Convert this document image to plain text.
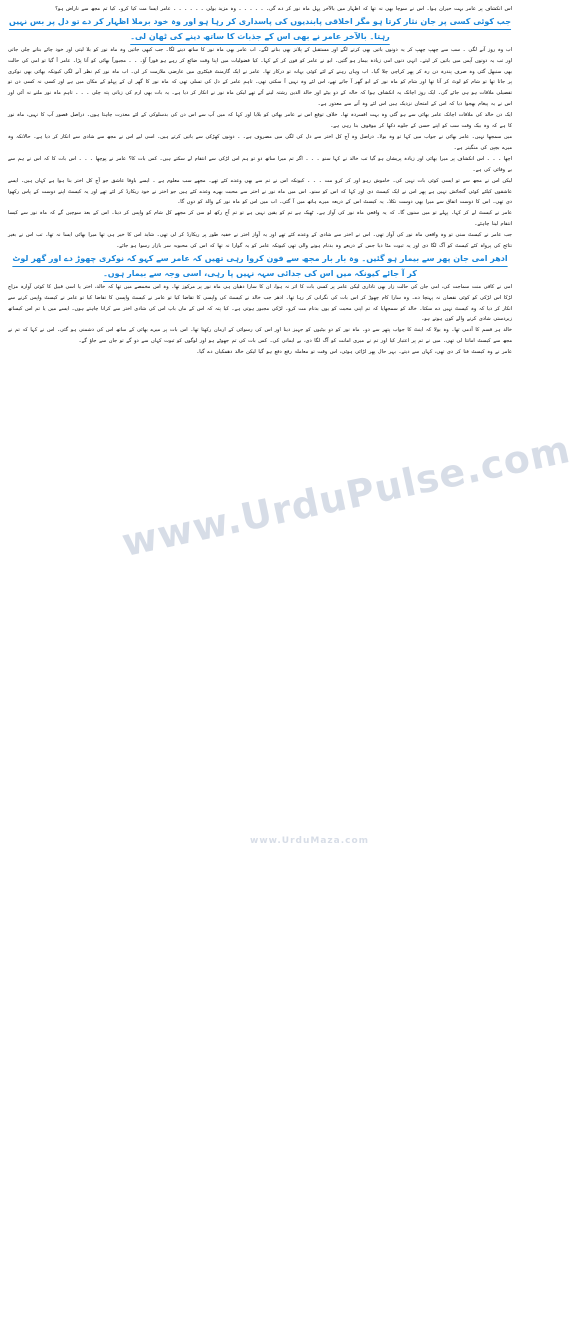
اس انکشاف پر عامر بہت حیران ہوا۔ اس نے سوچا بھی نہ تھا کہ اظہار میں بالآخر پہل ماہ نور کر دے گی۔ ۔ ۔ ۔ ۔ ۔ وہ مزید بولی ۔ ۔ ۔ ۔ ۔ ۔ عامر ایسا مت کیا کرو۔ کیا تم مجھ سے ناراض ہو؟

جب کوئی کسی پر جان نثار کرتا ہو مگر اخلاقی پابندیوں کی پاسداری کر رہا ہو اور وہ خود برملا اظہار کر دے تو دل پر بس نہیں رہتا۔ بالآخر عامر نے بھی اس کے جذبات کا ساتھ دینے کی ٹھان لی۔

اب وہ روز آنے لگی ۔ سب سے چھپ چھپ کر یہ دونوں باتیں بھی کرنے لگے اور مستقبل کے پلانز بھی بنانے لگے۔ اب عامر بھی ماہ نور کا ساتھ دینے لگا۔ جب کبھی جاتیں وہ ماہ نور کو بلا لیتی اور خود چائے بنانے چلی جاتی اور تب یہ دونوں آپس میں باتیں کر لیتے۔ انہی دنوں امی زیادہ بیمار ہو گئیں۔ ابو نے عامر کو فون کر کے کہا۔ کیا فضولیات میں اپنا وقت ضائع کر رہے ہو فوراً آؤ۔ ۔ ۔ مجبوراً بھائی کو آنا پڑا۔ عامر آ گیا تو امی کی حالت بھی سنبھل گئی وہ صرف پندرہ دن رہ کر پھر کراچی چلا گیا۔ اب وہاں رہنے کے لئے کوئی بہانہ تو درکار تھا۔ عامر نے ایک گارمنٹ فیکٹری میں عارضی ملازمت کر لی۔ اب ماہ نور کم نظر آنے لگی کیونکہ بھائی بھی نوکری پر جاتا تھا تو شام کو لوٹ کر آتا تھا اور شام کو ماہ نور کے ابو گھر آ جاتے تھے، اس لئے وہ نہیں آ سکتی تھی۔ تاہم عامر کے دل کی تسلی تھی کہ ماہ نور کا گھر ان کے پہلو کے مکان میں ہے اور کسی نہ کسی دن تو تفصیلی ملاقات ہو ہی جائے گی۔ ایک روز اچانک یہ انکشاف ہوا کہ خالہ کے دو بیٹے اور خالد الدین رشتہ لینے آئے تھے لیکن ماہ نور نے انکار کر دیا ہے۔ یہ بات بھی ارم کی زبانی پتہ چلی ۔ ۔ ۔ تاہم ماہ نور ملنے نہ آئی اور اس نے یہ پیغام بھجوا دیا کہ اس کے امتحان نزدیک ہیں اس لئے وہ آنے سے معذور ہے۔

ایک دن خالد کی ملاقات اچانک عامر بھائی سے ہو گئی وہ بہت افسردہ تھا۔ خلاف توقع اس نے عامر بھائی کو بلایا اور کہا کہ میں آپ سے اس دن کی بدسلوکی کے لئے معذرت چاہتا ہوں۔ دراصل قصور آپ کا نہیں، ماہ نور کا ہے کہ وہ بیک وقت سب کو اپنے حسن کے جلوے دکھا کر بیوقوف بنا رہی ہے۔

میں سمجھا نہیں۔ عامر بھائی نے جواب میں کہا تو وہ بولا۔ دراصل وہ آج کل اختر سے دل کی لگی میں مصروف ہے۔ ۔ دونوں کھڑکی سے باتیں کرتے ہیں۔ اسی لیے اس نے مجھ سے شادی سے انکار کر دیا ہے۔ حالانکہ وہ میرے بچپن کی منگیتر ہے۔

اچھا ۔ ۔ ۔ اس انکشاف پر میرا بھائی اور زیادہ پریشان ہو گیا تب خالد نے کہا سنو ۔ ۔ ۔ اگر تم میرا ساتھ دو تو ہم اس لڑکی سے انتقام لے سکتے ہیں۔ کس بات کا؟ عامر نے پوچھا ۔ ۔ ۔ اس بات کا کہ اس نے ہم سے بے وفائی کی ہے۔

لیکن اس نے مجھ سے تو ایسی کوئی بات نہیں کی۔ خاموش رہو اور کر کرو مت ۔ ۔ ۔ کیونکہ اس نے تم سے بھی وعدے کئے تھے۔ مجھے سب معلوم ہے ۔ ایسے باوفا عاشق جو آج کل اختر بنا ہوا ہے کہاں ہیں۔ ایسے عاشقوں کیلئے کوئی گنجائش نہیں ہے پھر اس نے ایک کیسٹ دی اور کہا کہ اس کو سنو۔ اس میں ماہ نور نے اختر سے محبت بھرے وعدے کئے ہیں جو اختر نے خود ریکارڈ کر لئے تھے اور یہ کیسٹ اپنے دوست کے پاس رکھوا دی تھی۔ اس کا دوست اتفاق سے میرا بھی دوست نکلا۔ یہ کیسٹ اس کے ذریعہ میرے ہاتھ میں آ گئی۔ اب میں اس کو ماہ نور کے والد کو دوں گا۔

عامر نے کیسٹ لے کر کہا۔ پہلے تو میں سنوں گا۔ کہ یہ واقعی ماہ نور کی آواز ہے۔ ٹھیک ہے تم کو یقین نہیں ہے تو تم آج رکھ لو سن کر مجھے کل شام کو واپس کر دینا۔ اس کے بعد سوچیں گے کہ ماہ نور سے کیسا انتقام لینا چاہئے۔

جب عامر نے کیسٹ سنی تو وہ واقعی ماہ نور کی آواز تھی۔ اس نے اختر سے شادی کے وعدے کئے تھے اور یہ آواز اختر نے خفیہ طور پر ریکارڈ کر لی تھی۔ شاید اس کا خیر ہی تھا میرا بھائی ایسا نہ تھا۔ تب اس نے بغیر نتائج کی پرواہ کئے کیسٹ کو آگ لگا دی اور یہ ثبوت مٹا دیا جس کے ذریعے وہ بدنام ہونے والی تھی کیونکہ عامر کو یہ گوارا نہ تھا کہ اس کی محبوبہ سر بازار رسوا ہو جائے۔

ادھر امی جان پھر سے بیمار ہو گئیں۔ وہ بار بار مجھ سے فون کروا رہی تھیں کہ عامر سے کہو کہ نوکری چھوڑ دے اور گھر لوٹ کر آ جائے کیونکہ میں اس کی جدائی سہہ نہیں پا رہی، اسی وجہ سے بیمار ہوں۔

امی نے کافی منت سماجت کی، امی جان کی حالت زار بھی تاداری لیکن عامر پر کسی بات کا اثر نہ ہوا، ان کا سارا دھیان ہی ماہ نور پر مرکوز تھا۔ وہ اس مخمصے میں تھا کہ خالد، اختر یا اسی قبیل کا کوئی آوارہ مزاج لڑکا اس لڑکی کو کوئی نقصان نہ پہنچا دے۔ وہ سارا کام چھوڑ کر اس بات کی نگرانی کر رہا تھا۔ ادھر جب خالد نے کیسٹ کی واپسی کا تقاضا کیا تو عامر نے کیسٹ واپسی کا تقاضا کیا تو عامر نے کیسٹ واپس کرنے سے انکار کر دیا کہ وہ کیسٹ نہیں دے سکتا۔ خالد کو سمجھایا کہ تم اپنی محبت کو یوں بدنام مت کرو۔ لڑکی مجبور ہوتی ہے۔ کیا پتہ کہ اس کے ماں باپ اس کی شادی اختر سے کرانا چاہتے ہوں۔ ایسے میں یا تم اس کیساتھ زبردستی شادی کرنے والے کون ہوتے ہو۔

خالد ہر قسم کا آدمی تھا۔ وہ بولا کہ اینٹ کا جواب پتھر سے دو۔ ماہ نور کو دو بیٹیوں کو جہیز دینا اور اس کی رسوائی کے ارمان رکھتا تھا۔ اس بات پر میرے بھائی کے ساتھ اس کی دشمنی ہو گئی۔ اس نے کہا کہ تم نے مجھ سے کیسٹ امانتا لی تھی۔ میں نے تم پر اعتبار کیا اور تم نے میری امانت کو آگ لگا دی، بے ایمانی کی۔ کس بات کی تم جھوٹے ہو اور لوگوں کو ثبوت کہاں سے دو گے تو جان سے جاؤ گے۔

عامر نے وہ کیسٹ فنا کر دی تھی، کہاں سے دیتے۔ بہر حال پھر لڑائی ہوئی، اس وقت تو معاملہ رفع دفع ہو گیا لیکن خالد دھمکیاں دے گیا۔

www.UrduPulse.com
www.UrduMaza.com
